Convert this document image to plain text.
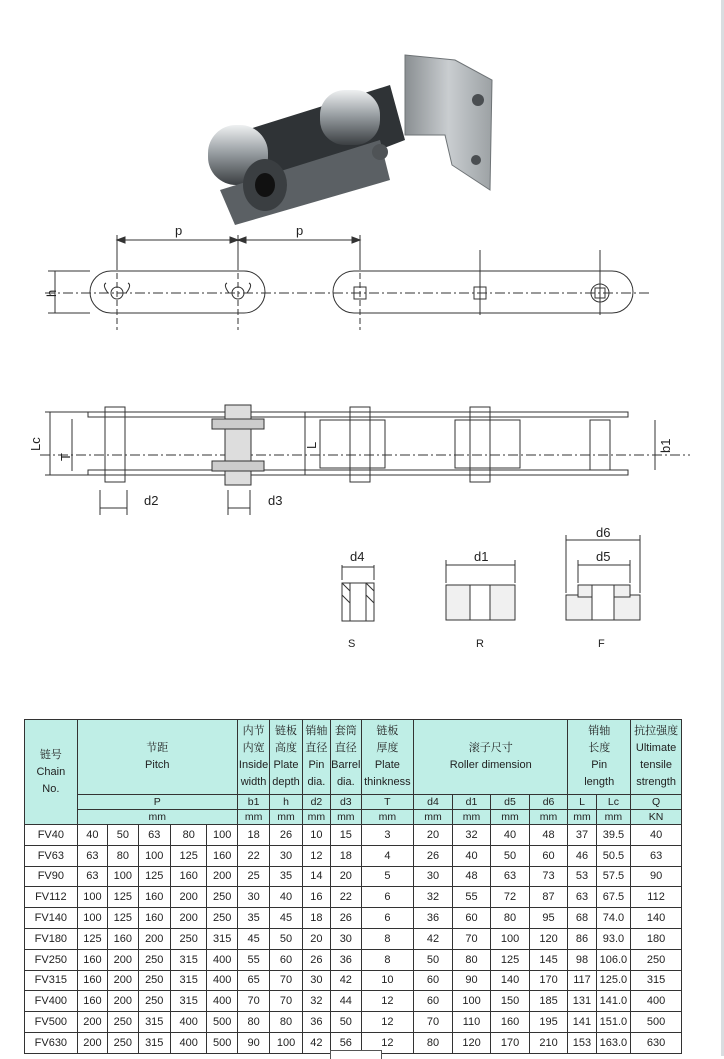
p	p
h
Lc
T
L	b1
d2	d3
d4	d1
d6
d5
S	R	F
链号
Chain
No.	节距
Pitch					内节
内宽
Inside
width	链板
高度
Plate
depth	销轴
直径
Pin
dia.	套筒
直径
Barrel
dia.	链板
厚度
Plate
thinkness	滚子尺寸
Roller dimension				销轴
长度
Pin
length		抗拉强度
Ultimate
tensile
strength
	P					b1	h	d2	d3	T	d4	d1	d5	d6	L	Lc	Q
	mm					mm	mm	mm	mm	mm	mm	mm	mm	mm	mm	mm	KN
FV40	40	50	63	80	100	18	26	10	15	3	20	32	40	48	37	39.5	40
FV63	63	80	100	125	160	22	30	12	18	4	26	40	50	60	46	50.5	63
FV90	63	100	125	160	200	25	35	14	20	5	30	48	63	73	53	57.5	90
FV112	100	125	160	200	250	30	40	16	22	6	32	55	72	87	63	67.5	112
FV140	100	125	160	200	250	35	45	18	26	6	36	60	80	95	68	74.0	140
FV180	125	160	200	250	315	45	50	20	30	8	42	70	100	120	86	93.0	180
FV250	160	200	250	315	400	55	60	26	36	8	50	80	125	145	98	106.0	250
FV315	160	200	250	315	400	65	70	30	42	10	60	90	140	170	117	125.0	315
FV400	160	200	250	315	400	70	70	32	44	12	60	100	150	185	131	141.0	400
FV500	200	250	315	400	500	80	80	36	50	12	70	110	160	195	141	151.0	500
FV630	200	250	315	400	500	90	100	42	56	12	80	120	170	210	153	163.0	630
